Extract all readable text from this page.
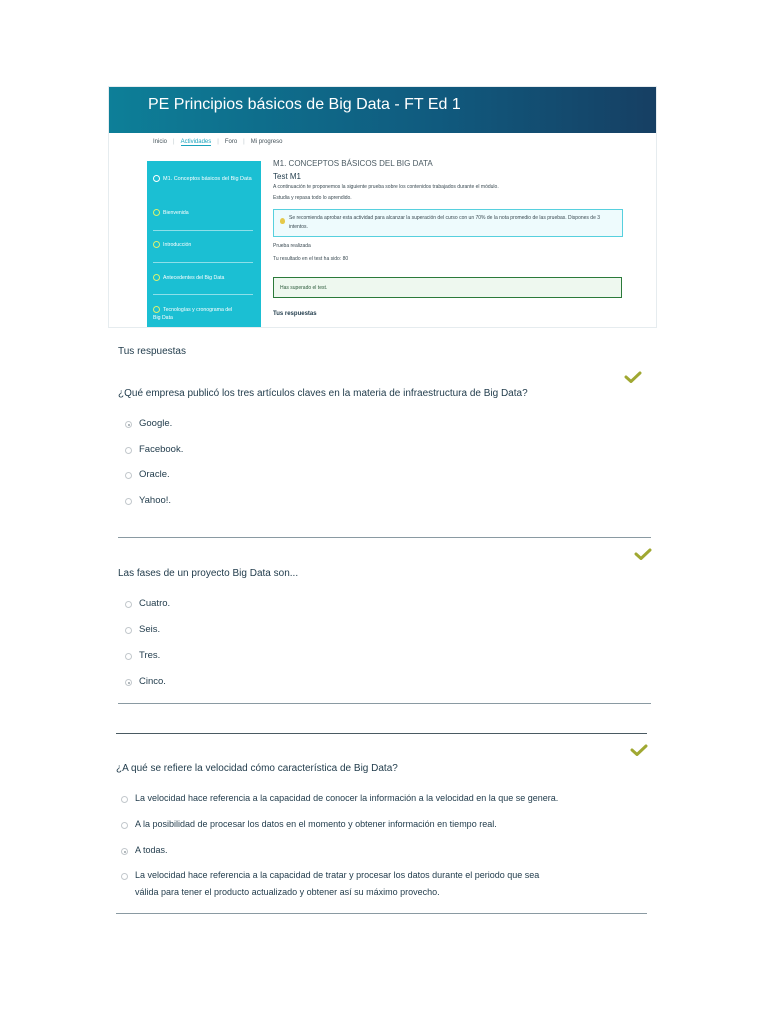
PE Principios básicos de Big Data - FT Ed 1
Inicio | Actividades | Foro | Mi progreso
M1. Conceptos básicos del Big Data
Bienvenida
Introducción
Antecedentes del Big Data
Tecnologías y cronograma del Big Data
M1. CONCEPTOS BÁSICOS DEL BIG DATA
Test M1
A continuación te proponemos la siguiente prueba sobre los contenidos trabajados durante el módulo.
Estudia y repasa todo lo aprendido.
Se recomienda aprobar esta actividad para alcanzar la superación del curso con un 70% de la nota promedio de las pruebas. Dispones de 3 intentos.
Prueba realizada
Tu resultado en el test ha sido: 80
Has superado el test.
Tus respuestas
Tus respuestas
¿Qué empresa publicó los tres artículos claves en la materia de infraestructura de Big Data?
Google.
Facebook.
Oracle.
Yahoo!.
Las fases de un proyecto Big Data son...
Cuatro.
Seis.
Tres.
Cinco.
¿A qué se refiere la velocidad cómo característica de Big Data?
La velocidad hace referencia a la capacidad de conocer la información a la velocidad en la que se genera.
A la posibilidad de procesar los datos en el momento y obtener información en tiempo real.
A todas.
La velocidad hace referencia a la capacidad de tratar y procesar los datos durante el periodo que sea
válida para tener el producto actualizado y obtener así su máximo provecho.
